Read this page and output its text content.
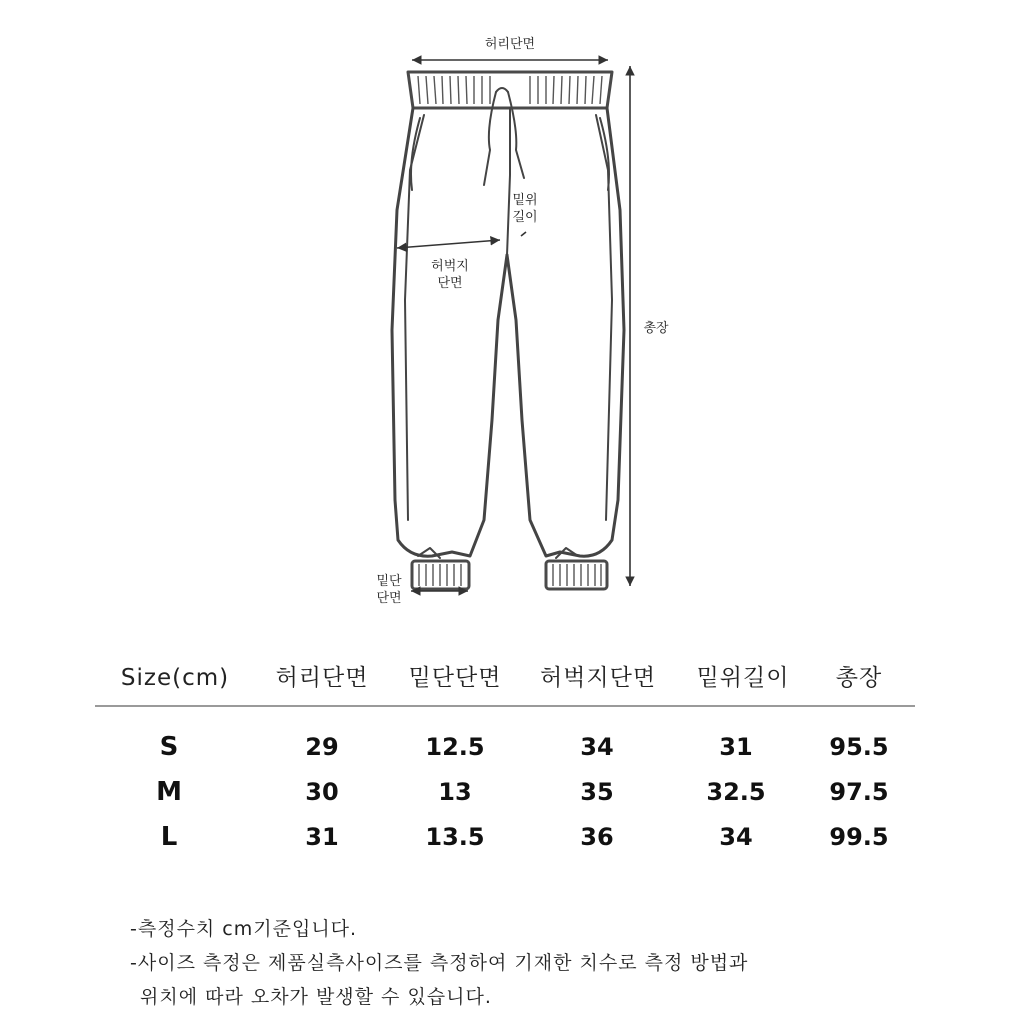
허리단면
밑위
길이
허벅지
단면
밑단
단면
총장
Size(cm) 허리단면 밑단단면 허벅지단면 밑위길이 총장
S	29	12.5	34	31	95.5
M	30	13	35	32.5	97.5
L	31	13.5	36	34	99.5
-측정수치 cm기준입니다.
-사이즈 측정은 제품실측사이즈를 측정하여 기재한 치수로 측정 방법과
위치에 따라 오차가 발생할 수 있습니다.
